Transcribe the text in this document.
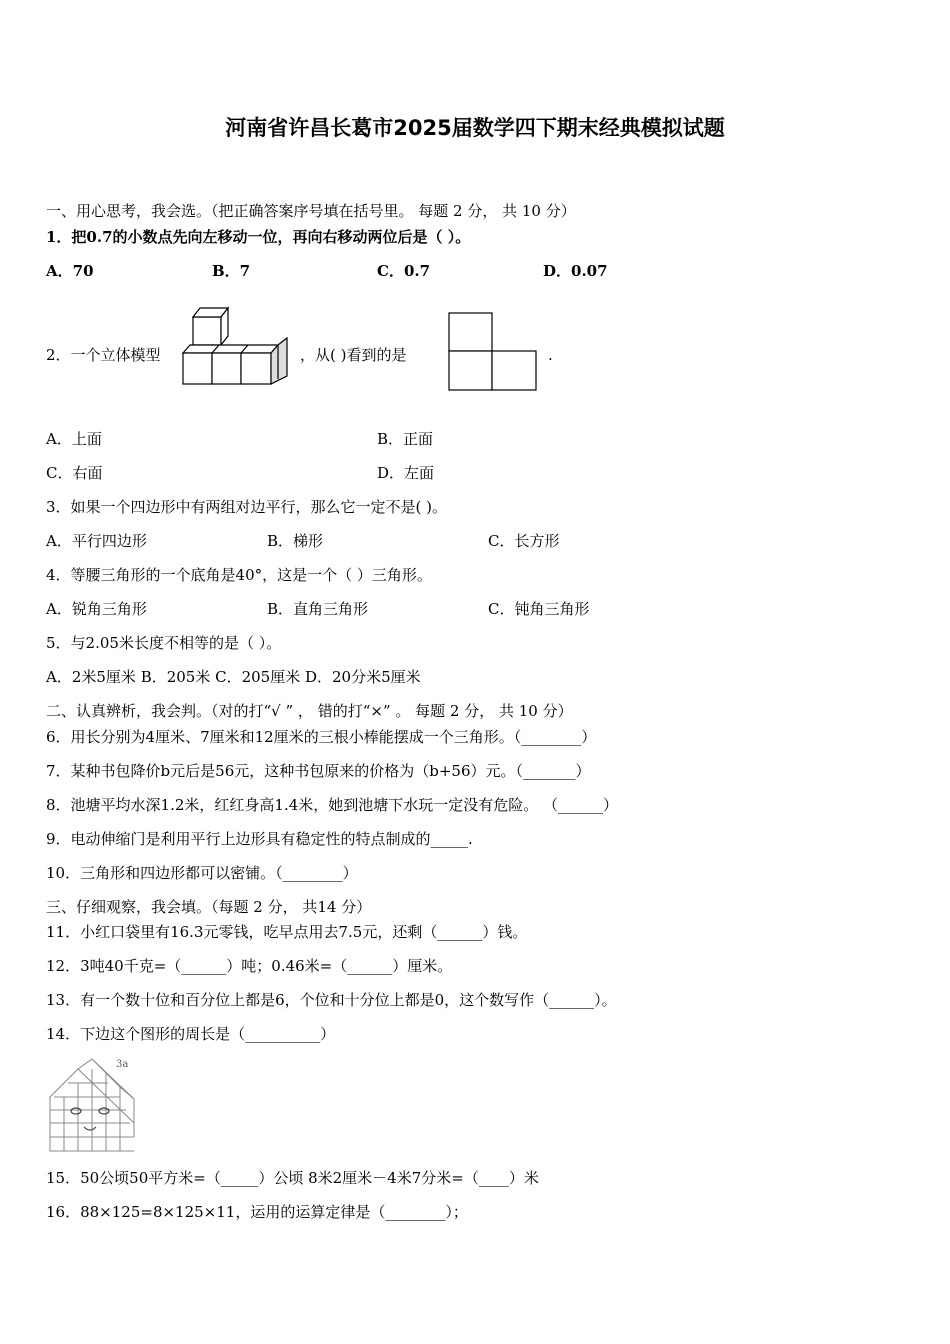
河南省许昌长葛市2025届数学四下期末经典模拟试题
一、用心思考，我会选。（把正确答案序号填在括号里。 每题 2 分， 共 10 分）
1．把0.7的小数点先向左移动一位，再向右移动两位后是（ ）。
A．70	B．7	C．0.7	D．0.07
2．一个立体模型	，从( )看到的是	.
A．上面	B．正面
C．右面	D．左面
3．如果一个四边形中有两组对边平行，那么它一定不是( )。
A．平行四边形	B．梯形	C．长方形
4．等腰三角形的一个底角是40°，这是一个（ ）三角形。
A．锐角三角形	B．直角三角形	C．钝角三角形
5．与2.05米长度不相等的是（ ）。
A．2米5厘米 B．205米 C．205厘米 D．20分米5厘米
二、认真辨析，我会判。（对的打“√ ” ， 错的打“×” 。 每题 2 分， 共 10 分）
6．用长分别为4厘米、7厘米和12厘米的三根小棒能摆成一个三角形。（________）
7．某种书包降价b元后是56元，这种书包原来的价格为（b+56）元。（_______）
8．池塘平均水深1.2米，红红身高1.4米，她到池塘下水玩一定没有危险。 （______）
9．电动伸缩门是利用平行上边形具有稳定性的特点制成的_____.
10．三角形和四边形都可以密铺。（________）
三、仔细观察，我会填。（每题 2 分， 共14 分）
11．小红口袋里有16.3元零钱，吃早点用去7.5元，还剩（______）钱。
12．3吨40千克=（______）吨；0.46米=（______）厘米。
13．有一个数十位和百分位上都是6，个位和十分位上都是0，这个数写作（______）。
14．下边这个图形的周长是（__________）
3a
15．50公顷50平方米=（_____）公顷 8米2厘米－4米7分米=（____）米
16．88×125=8×125×11，运用的运算定律是（________）；
